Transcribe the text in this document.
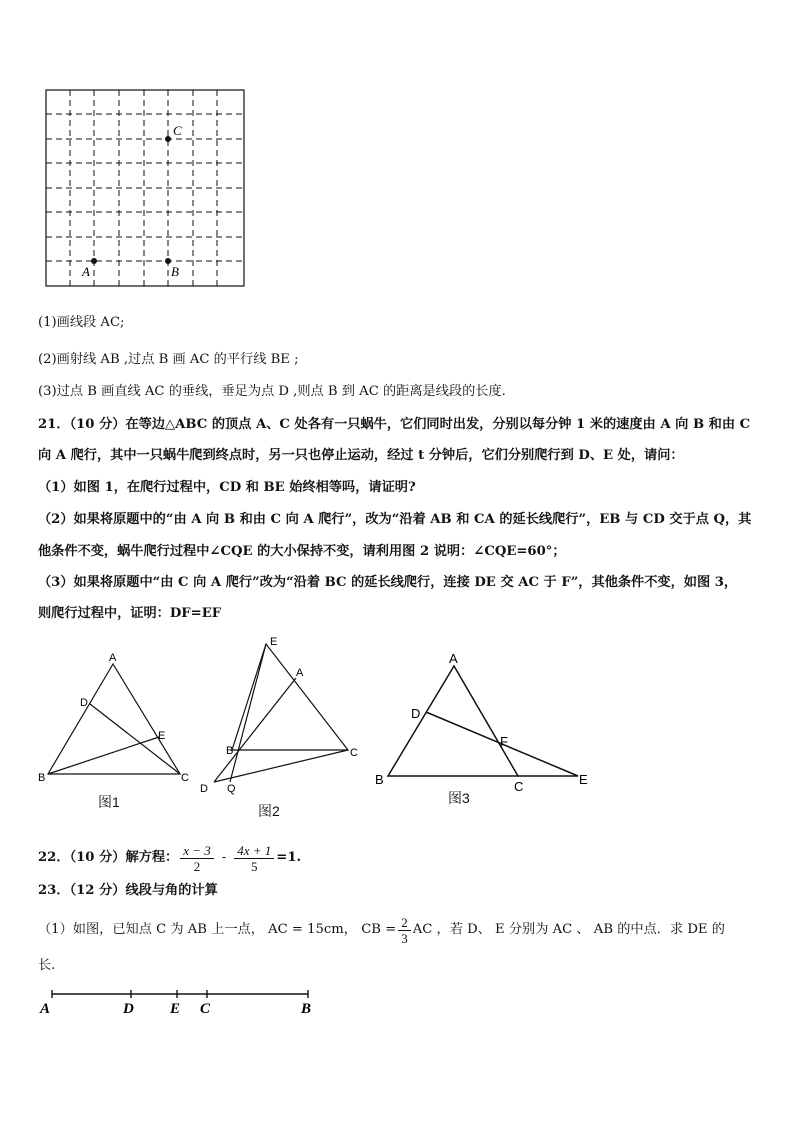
C
A	B
(1)画线段 AC;
(2)画射线 AB ,过点 B 画 AC 的平行线 BE ;
(3)过点 B 画直线 AC 的垂线，垂足为点 D ,则点 B 到 AC 的距离是线段的长度.
21．（10 分）在等边△ABC 的顶点 A、C 处各有一只蜗牛，它们同时出发，分别以每分钟 1 米的速度由 A 向 B 和由 C
向 A 爬行，其中一只蜗牛爬到终点时，另一只也停止运动，经过 t 分钟后，它们分别爬行到 D、E 处，请问：
（1）如图 1，在爬行过程中，CD 和 BE 始终相等吗，请证明?
（2）如果将原题中的“由 A 向 B 和由 C 向 A 爬行”，改为“沿着 AB 和 CA 的延长线爬行”，EB 与 CD 交于点 Q，其
他条件不变，蜗牛爬行过程中∠CQE 的大小保持不变，请利用图 2 说明：∠CQE=60°；
（3）如果将原题中“由 C 向 A 爬行”改为“沿着 BC 的延长线爬行，连接 DE 交 AC 于 F”，其他条件不变，如图 3，
则爬行过程中，证明：DF=EF
A
D
E
B	C
图1
E
A
B	C
D Q
图2
A
D
F
B	C	E
图3
22．（10 分）解方程： $\frac{x - 3}{2} - \frac{4x + 1}{5} =1$.
23．（12 分）线段与角的计算
（1）如图，已知点 C 为 AB 上一点， AC = 15cm， CB = $\frac{2}{3}$ AC ，若 D、 E 分别为 AC 、 AB 的中点．求 DE 的
长.
A	D E C	B
